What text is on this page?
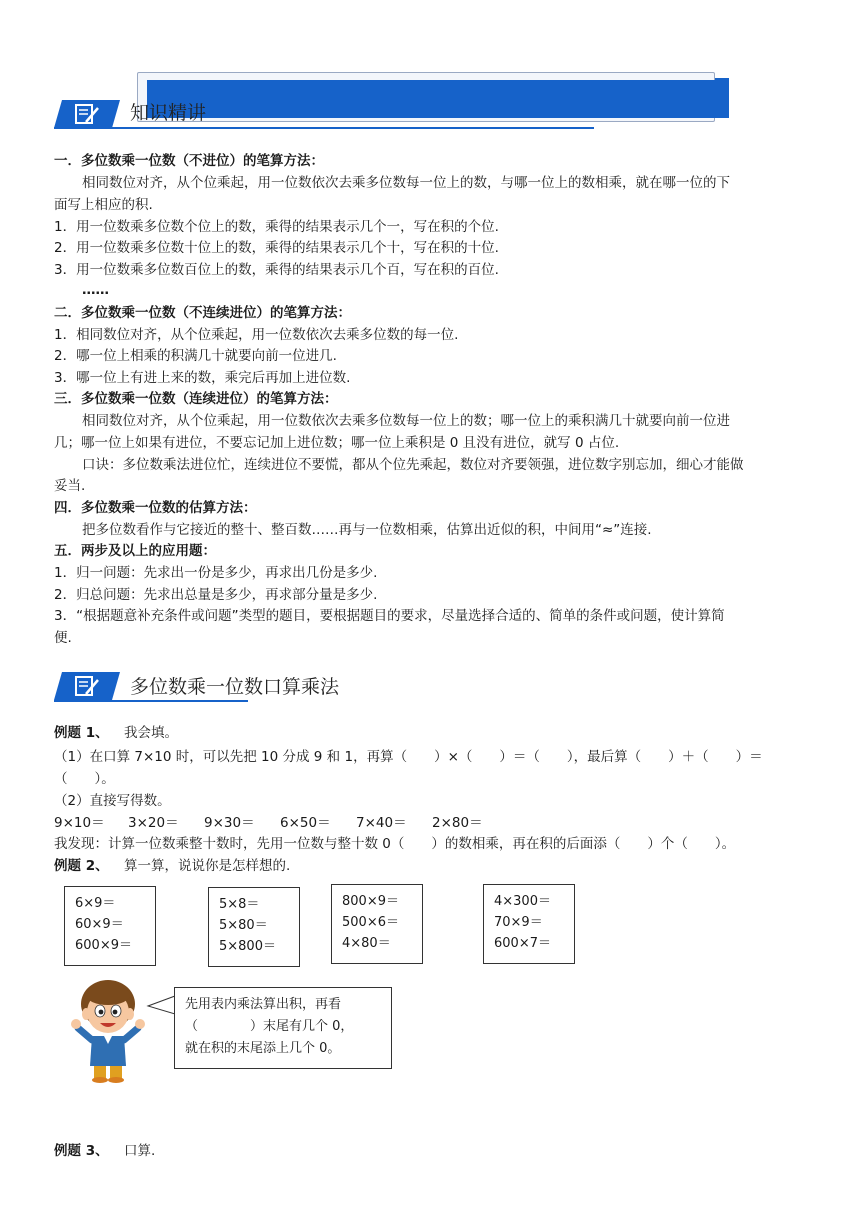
知识精讲
一．多位数乘一位数（不进位）的笔算方法：
相同数位对齐，从个位乘起，用一位数依次去乘多位数每一位上的数，与哪一位上的数相乘，就在哪一位的下
面写上相应的积.
1．用一位数乘多位数个位上的数，乘得的结果表示几个一，写在积的个位.
2．用一位数乘多位数十位上的数，乘得的结果表示几个十，写在积的十位.
3．用一位数乘多位数百位上的数，乘得的结果表示几个百，写在积的百位.
……
二．多位数乘一位数（不连续进位）的笔算方法：
1．相同数位对齐，从个位乘起，用一位数依次去乘多位数的每一位.
2．哪一位上相乘的积满几十就要向前一位进几.
3．哪一位上有进上来的数，乘完后再加上进位数.
三．多位数乘一位数（连续进位）的笔算方法：
相同数位对齐，从个位乘起，用一位数依次去乘多位数每一位上的数；哪一位上的乘积满几十就要向前一位进
几；哪一位上如果有进位，不要忘记加上进位数；哪一位上乘积是 0 且没有进位，就写 0 占位.
口诀：多位数乘法进位忙，连续进位不要慌，都从个位先乘起，数位对齐要领强，进位数字别忘加，细心才能做
妥当.
四．多位数乘一位数的估算方法：
把多位数看作与它接近的整十、整百数……再与一位数相乘，估算出近似的积，中间用“≈”连接.
五．两步及以上的应用题：
1．归一问题：先求出一份是多少，再求出几份是多少.
2．归总问题：先求出总量是多少，再求部分量是多少.
3．“根据题意补充条件或问题”类型的题目，要根据题目的要求，尽量选择合适的、简单的条件或问题，使计算简
便.
多位数乘一位数口算乘法
例题 1、 我会填。
（1）在口算 7×10 时，可以先把 10 分成 9 和 1，再算（　　）×（　　）＝（　　），最后算（　　）＋（　　）＝
（　　）。
（2）直接写得数。
9×10＝ 3×20＝ 9×30＝ 6×50＝ 7×40＝ 2×80＝
我发现：计算一位数乘整十数时，先用一位数与整十数 0（　　）的数相乘，再在积的后面添（　　）个（　　）。
例题 2、 算一算，说说你是怎样想的.
6×9＝
60×9＝
600×9＝
5×8＝
5×80＝
5×800＝
800×9＝
500×6＝
4×80＝
4×300＝
70×9＝
600×7＝
先用表内乘法算出积，再看
（　　　　）末尾有几个 0，
就在积的末尾添上几个 0。
例题 3、 口算.
